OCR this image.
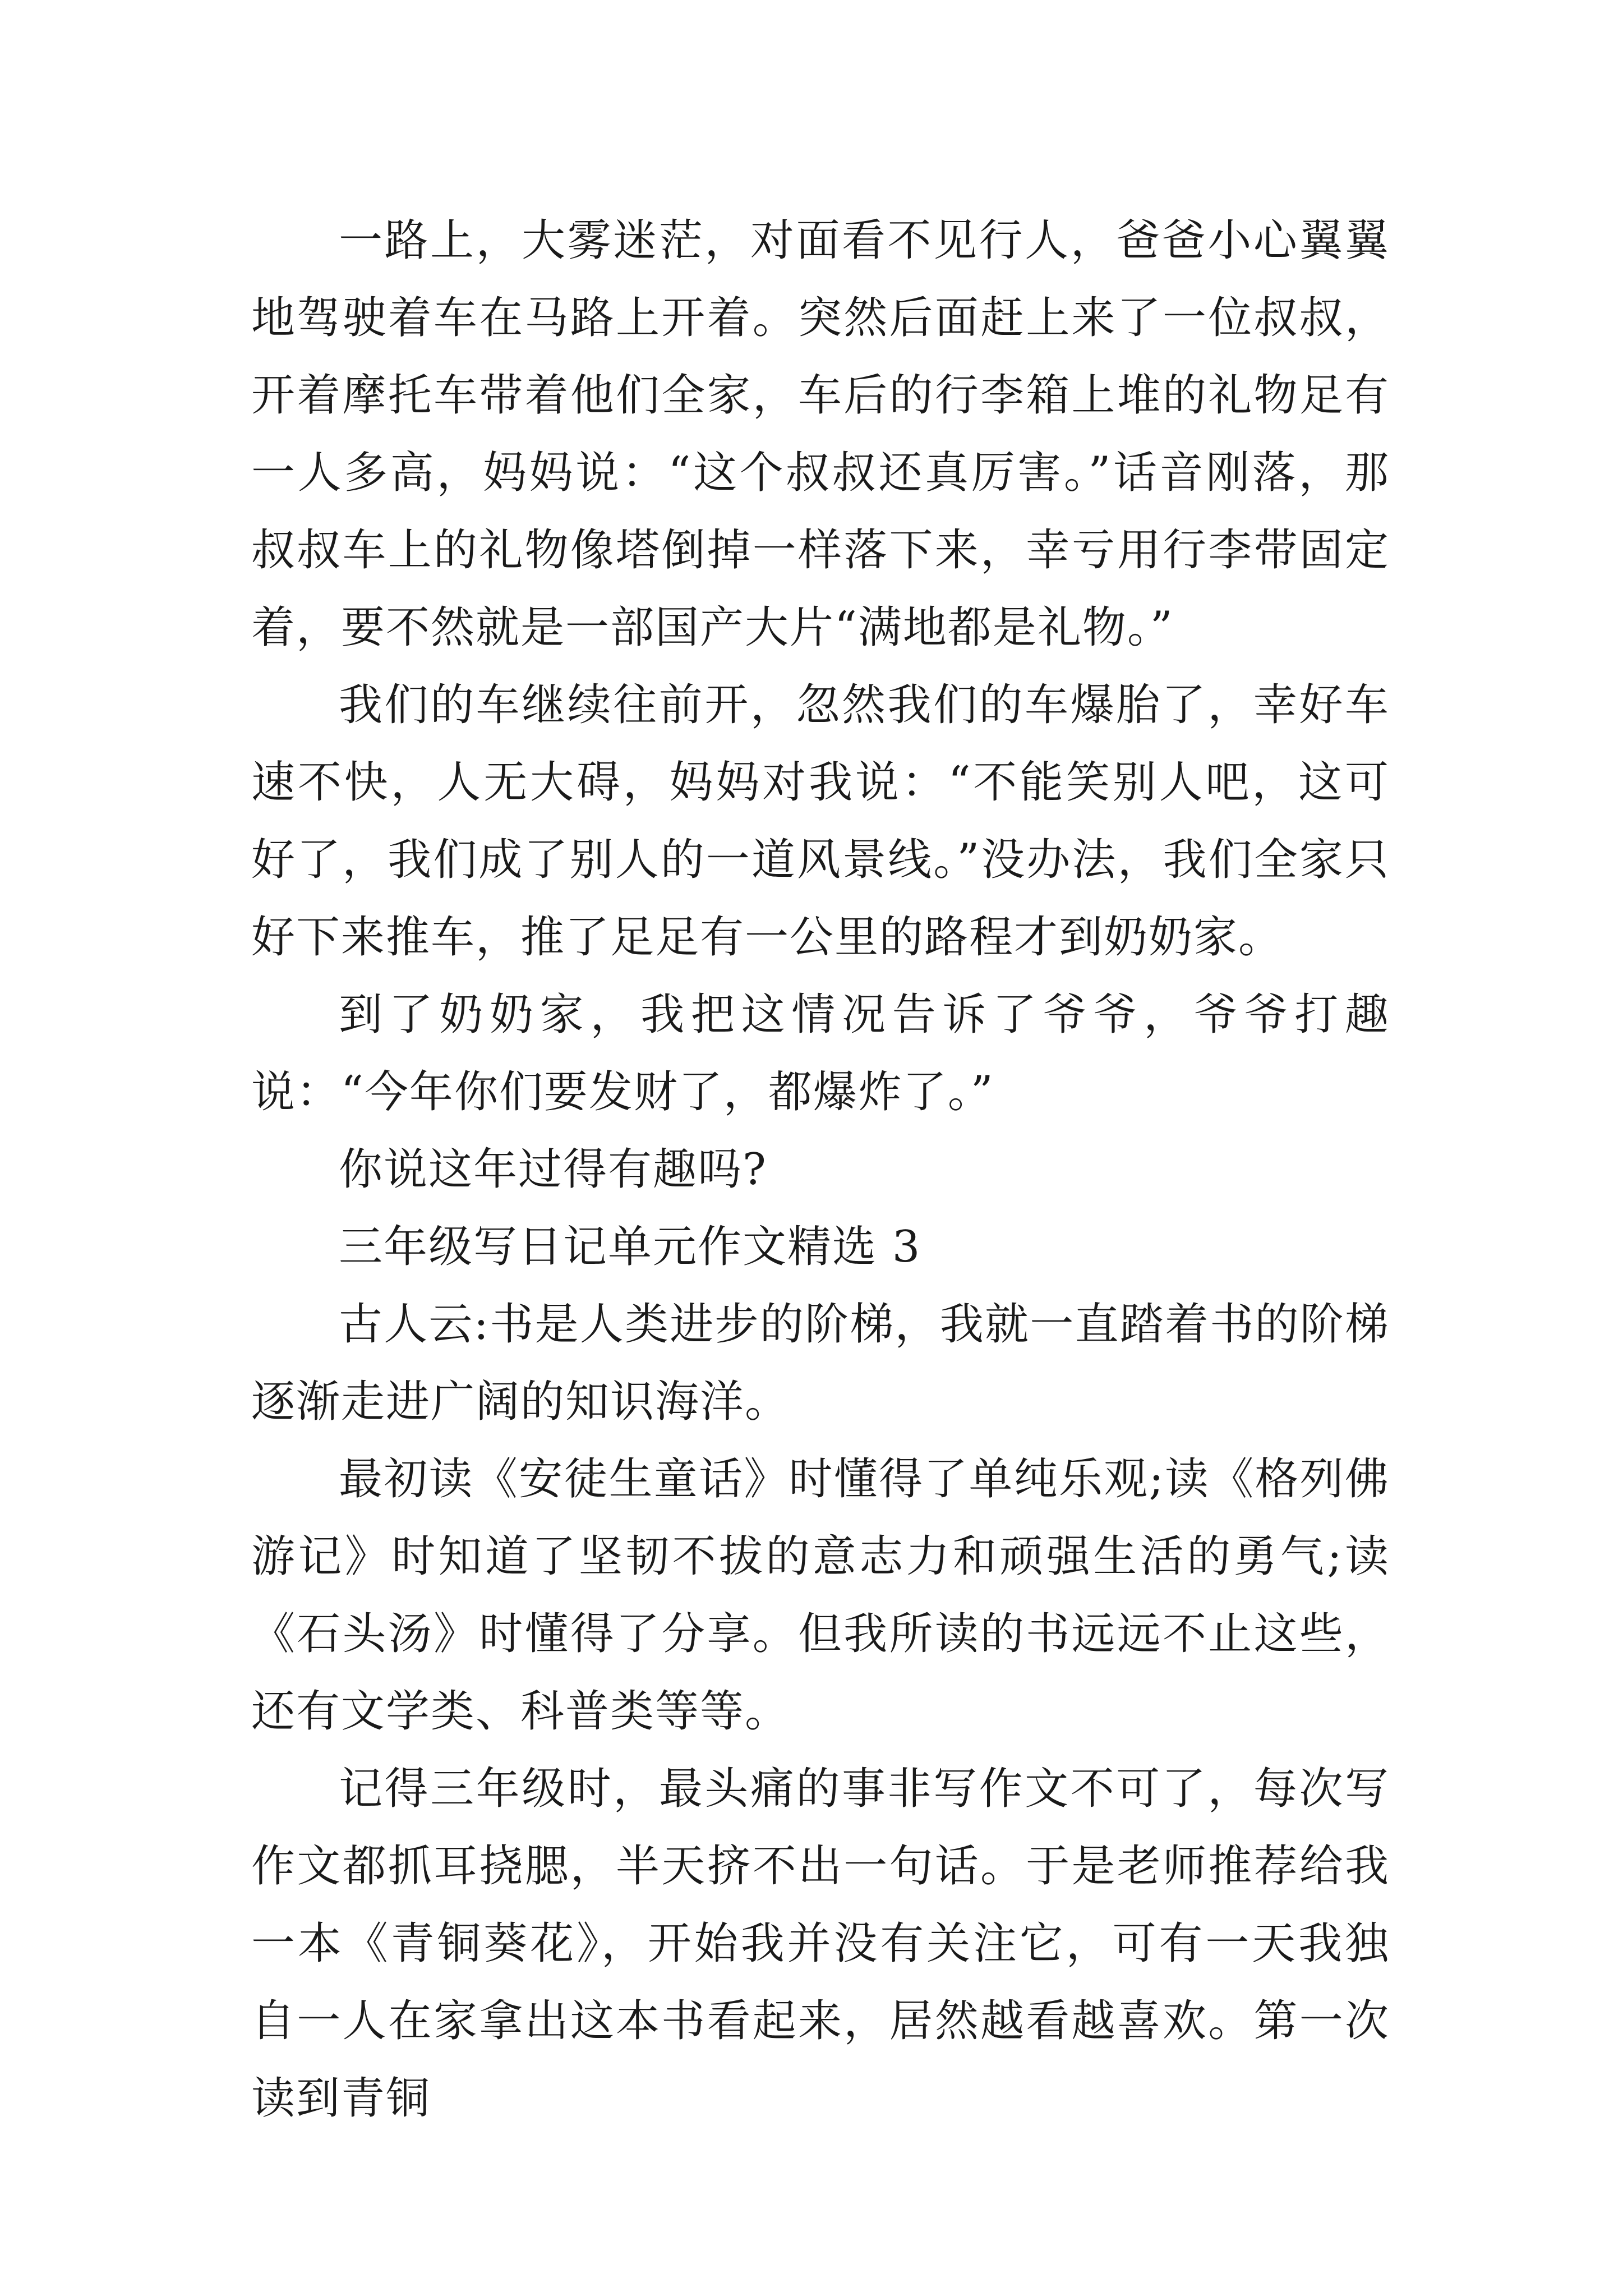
一路上，大雾迷茫，对面看不见行人，爸爸小心翼翼地驾驶着车在马路上开着。突然后面赶上来了一位叔叔，开着摩托车带着他们全家，车后的行李箱上堆的礼物足有一人多高，妈妈说：“这个叔叔还真厉害。”话音刚落，那叔叔车上的礼物像塔倒掉一样落下来，幸亏用行李带固定着，要不然就是一部国产大片“满地都是礼物。”

我们的车继续往前开，忽然我们的车爆胎了，幸好车速不快，人无大碍，妈妈对我说：“不能笑别人吧，这可好了，我们成了别人的一道风景线。”没办法，我们全家只好下来推车，推了足足有一公里的路程才到奶奶家。

到了奶奶家，我把这情况告诉了爷爷，爷爷打趣说：“今年你们要发财了，都爆炸了。”

你说这年过得有趣吗?

三年级写日记单元作文精选 3

古人云:书是人类进步的阶梯，我就一直踏着书的阶梯逐渐走进广阔的知识海洋。

最初读《安徒生童话》时懂得了单纯乐观;读《格列佛游记》时知道了坚韧不拔的意志力和顽强生活的勇气;读《石头汤》时懂得了分享。但我所读的书远远不止这些，还有文学类、科普类等等。

记得三年级时，最头痛的事非写作文不可了，每次写作文都抓耳挠腮，半天挤不出一句话。于是老师推荐给我一本《青铜葵花》，开始我并没有关注它，可有一天我独自一人在家拿出这本书看起来，居然越看越喜欢。第一次读到青铜
